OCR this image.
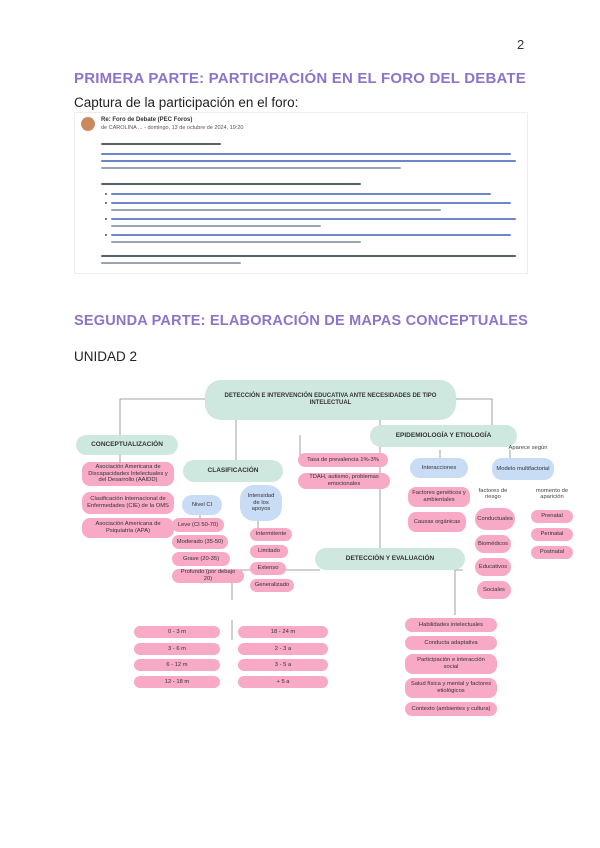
2
PRIMERA PARTE: PARTICIPACIÓN EN EL FORO DEL DEBATE
Captura de la participación en el foro:
Re: Foro de Debate (PEC Foros)
de CAROLINA ... - domingo, 13 de octubre de 2024, 19:20
SEGUNDA PARTE: ELABORACIÓN DE MAPAS CONCEPTUALES
UNIDAD 2
DETECCIÓN E INTERVENCIÓN EDUCATIVA ANTE NECESIDADES DE TIPO INTELECTUAL
CONCEPTUALIZACIÓN
Asociación Americana de Discapacidades Intelectuales y del Desarrollo (AAIDD)
Clasificación Internacional de Enfermedades (CIE) de la OMS
Asociación Americana de Psiquiatría (APA)
CLASIFICACIÓN
Nivel CI
Intensidad de los apoyos
Leve (CI 50-70)
Moderado (35-50)
Grave (20-35)
Profundo (por debajo 20)
Intermitente
Limitado
Extenso
Generalizado
EPIDEMIOLOGÍA Y ETIOLOGÍA
Aparece según
Tasa de prevalencia 1%-3%
TDAH, autismo, problemas emocionales
Interacciones	Modelo multifactorial
Factores genéticos y ambientales
Causas orgánicas
factores de riesgo
momento de aparición
Conductuales
Biomédicos
Educativos
Sociales
Prenatal
Perinatal
Postnatal
DETECCIÓN Y EVALUACIÓN
0 - 3 m
3 - 6 m
6 - 12 m
12 - 18 m
18 - 24 m
2 - 3 a
3 - 5 a
+ 5 a
Habilidades intelectuales
Conducta adaptativa
Participación e interacción social
Salud física y mental y factores etiológicos
Contexto (ambientes y cultura)
